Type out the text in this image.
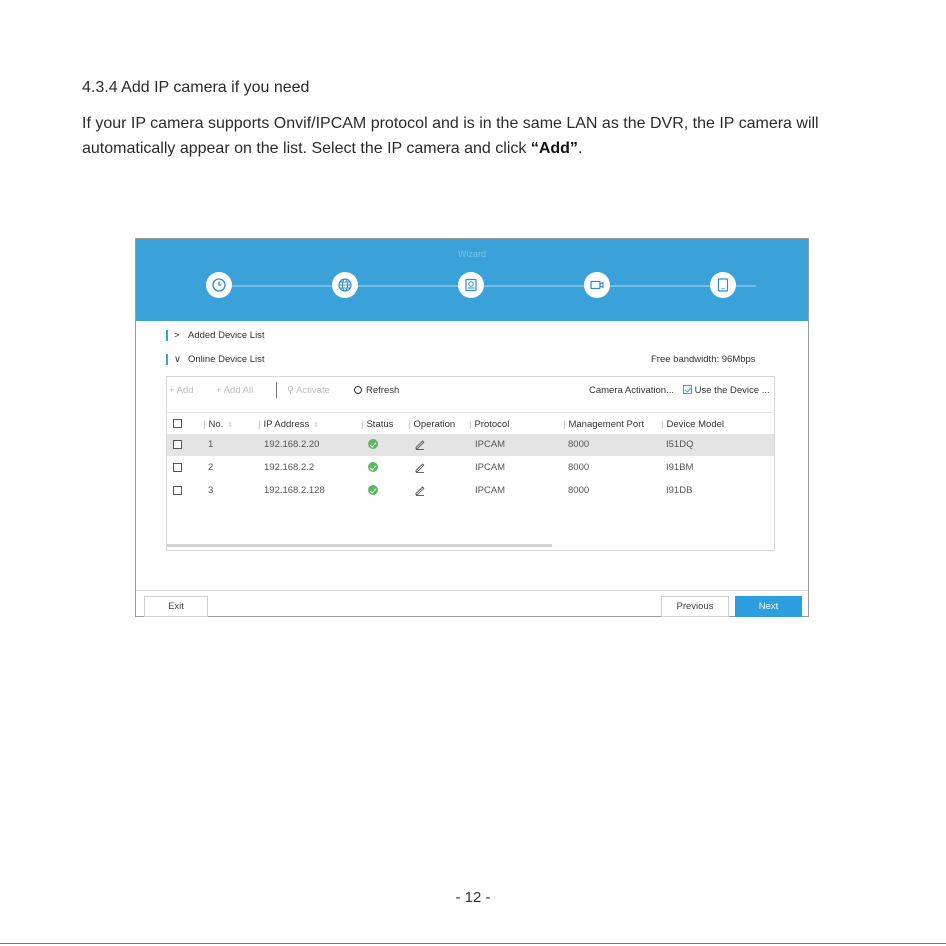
4.3.4 Add IP camera if you need
If your IP camera supports Onvif/IPCAM protocol and is in the same LAN as the DVR, the IP camera will automatically appear on the list. Select the IP camera and click “Add”.
Wizard
> Added Device List
∨ Online Device List	Free bandwidth: 96Mbps
+ Add + Add All	⚲ Activate	Refresh	Camera Activation...	Use the Device ...
| No. ⇕	| IP Address ⇕	| Status | Operation | Protocol	| Management Port | Device Model
1	192.168.2.20	IPCAM	8000	I51DQ
2	192.168.2.2	IPCAM	8000	I91BM
3	192.168.2.128	IPCAM	8000	I91DB
Exit	Previous	Next
- 12 -
